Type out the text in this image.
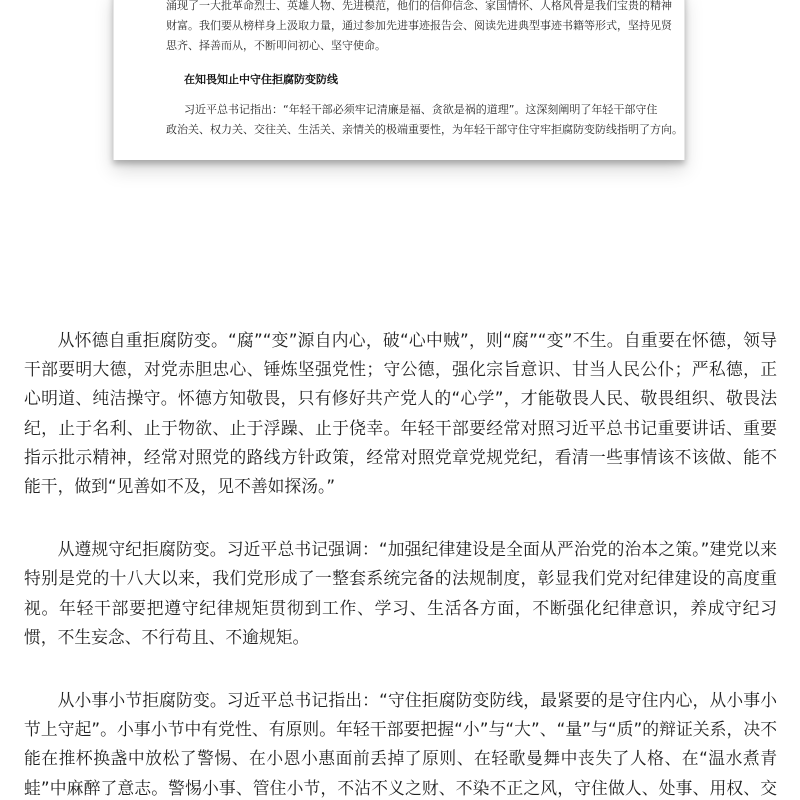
涌现了一大批革命烈士、英雄人物、先进模范，他们的信仰信念、家国情怀、人格风骨是我们宝贵的精神
财富。我们要从榜样身上汲取力量，通过参加先进事迹报告会、阅读先进典型事迹书籍等形式，坚持见贤
思齐、择善而从，不断叩问初心、坚守使命。
在知畏知止中守住拒腐防变防线
习近平总书记指出：“年轻干部必须牢记清廉是福、贪欲是祸的道理”。这深刻阐明了年轻干部守住
政治关、权力关、交往关、生活关、亲情关的极端重要性，为年轻干部守住守牢拒腐防变防线指明了方向。

从怀德自重拒腐防变。“腐”“变”源自内心，破“心中贼”，则“腐”“变”不生。自重要在怀德，领导干部要明大德，对党赤胆忠心、锤炼坚强党性；守公德，强化宗旨意识、甘当人民公仆；严私德，正心明道、纯洁操守。怀德方知敬畏，只有修好共产党人的“心学”，才能敬畏人民、敬畏组织、敬畏法纪，止于名利、止于物欲、止于浮躁、止于侥幸。年轻干部要经常对照习近平总书记重要讲话、重要指示批示精神，经常对照党的路线方针政策，经常对照党章党规党纪，看清一些事情该不该做、能不能干，做到“见善如不及，见不善如探汤。”

从遵规守纪拒腐防变。习近平总书记强调：“加强纪律建设是全面从严治党的治本之策。”建党以来特别是党的十八大以来，我们党形成了一整套系统完备的法规制度，彰显我们党对纪律建设的高度重视。年轻干部要把遵守纪律规矩贯彻到工作、学习、生活各方面，不断强化纪律意识，养成守纪习惯，不生妄念、不行苟且、不逾规矩。

从小事小节拒腐防变。习近平总书记指出：“守住拒腐防变防线，最紧要的是守住内心，从小事小节上守起”。小事小节中有党性、有原则。年轻干部要把握“小”与“大”、“量”与“质”的辩证关系，决不能在推杯换盏中放松了警惕、在小恩小惠面前丢掉了原则、在轻歌曼舞中丧失了人格、在“温水煮青蛙”中麻醉了意志。警惕小事、管住小节，不沾不义之财、不染不正之风，守住做人、处事、用权、交
